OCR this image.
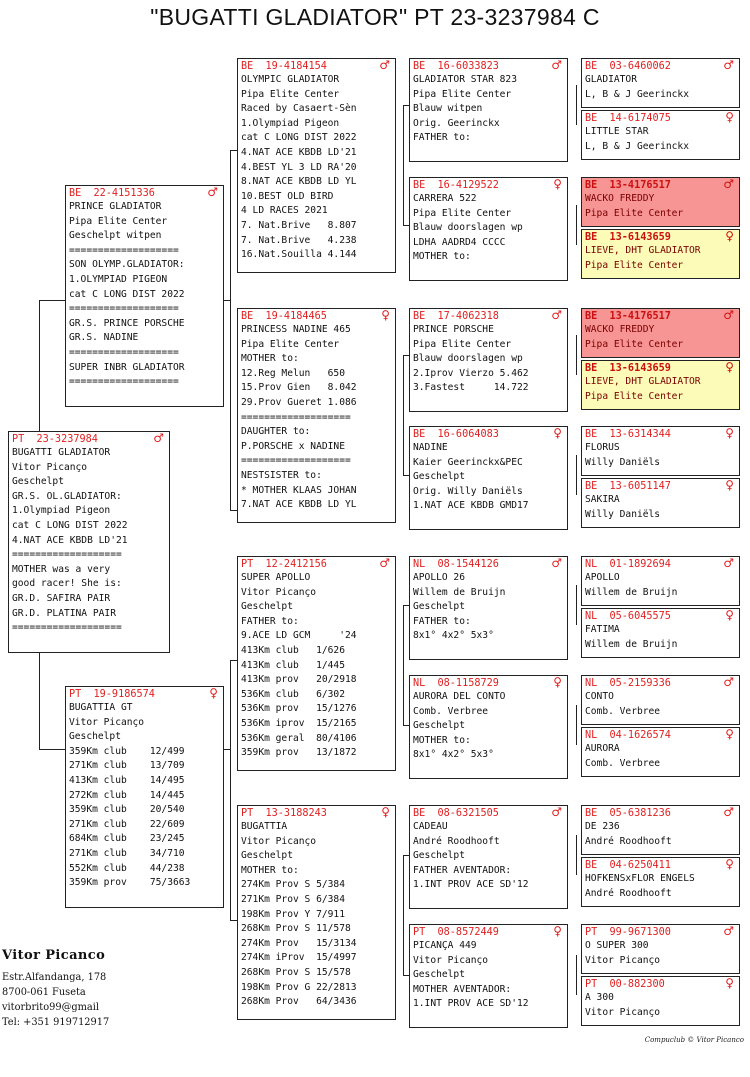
"BUGATTI GLADIATOR" PT 23-3237984 C
PT  23-3237984	♂
BUGATTI GLADIATOR
Vitor Picanço
Geschelpt
GR.S. OL.GLADIATOR:
1.Olympiad Pigeon
cat C LONG DIST 2022
4.NAT ACE KBDB LD'21
===================
MOTHER was a very
good racer! She is:
GR.D. SAFIRA PAIR
GR.D. PLATINA PAIR
===================
BE  22-4151336	♂
PRINCE GLADIATOR
Pipa Elite Center
Geschelpt witpen
===================
SON OLYMP.GLADIATOR:
1.OLYMPIAD PIGEON
cat C LONG DIST 2022
===================
GR.S. PRINCE PORSCHE
GR.S. NADINE
===================
SUPER INBR GLADIATOR
===================
PT  19-9186574	♀
BUGATTIA GT
Vitor Picanço
Geschelpt
359Km club    12/499
271Km club    13/709
413Km club    14/495
272Km club    14/445
359Km club    20/540
271Km club    22/609
684Km club    23/245
271Km club    34/710
552Km club    44/238
359Km prov    75/3663
BE  19-4184154	♂
OLYMPIC GLADIATOR
Pipa Elite Center
Raced by Casaert-Sèn
1.Olympiad Pigeon
cat C LONG DIST 2022
4.NAT ACE KBDB LD'21
4.BEST YL 3 LD RA'20
8.NAT ACE KBDB LD YL
10.BEST OLD BIRD
4 LD RACES 2021
7. Nat.Brive   8.807
7. Nat.Brive   4.238
16.Nat.Souilla 4.144
BE  19-4184465	♀
PRINCESS NADINE 465
Pipa Elite Center
MOTHER to:
12.Reg Melun   650
15.Prov Gien   8.042
29.Prov Gueret 1.086
===================
DAUGHTER to:
P.PORSCHE x NADINE
===================
NESTSISTER to:
* MOTHER KLAAS JOHAN
7.NAT ACE KBDB LD YL
PT  12-2412156	♂
SUPER APOLLO
Vitor Picanço
Geschelpt
FATHER to:
9.ACE LD GCM     '24
413Km club   1/626
413Km club   1/445
413Km prov   20/2918
536Km club   6/302
536Km prov   15/1276
536Km iprov  15/2165
536Km geral  80/4106
359Km prov   13/1872
PT  13-3188243	♀
BUGATTIA
Vitor Picanço
Geschelpt
MOTHER to:
274Km Prov S 5/384
271Km Prov S 6/384
198Km Prov Y 7/911
268Km Prov S 11/578
274Km Prov   15/3134
274Km iProv  15/4997
268Km Prov S 15/578
198Km Prov G 22/2813
268Km Prov   64/3436
BE  16-6033823	♂
GLADIATOR STAR 823
Pipa Elite Center
Blauw witpen
Orig. Geerinckx
FATHER to:
BE  16-4129522	♀
CARRERA 522
Pipa Elite Center
Blauw doorslagen wp
LDHA AADRD4 CCCC
MOTHER to:
BE  17-4062318	♂
PRINCE PORSCHE
Pipa Elite Center
Blauw doorslagen wp
2.Iprov Vierzo 5.462
3.Fastest     14.722
BE  16-6064083	♀
NADINE
Kaier Geerinckx&PEC
Geschelpt
Orig. Willy Daniëls
1.NAT ACE KBDB GMD17
NL  08-1544126	♂
APOLLO 26
Willem de Bruijn
Geschelpt
FATHER to:
8x1° 4x2° 5x3°
NL  08-1158729	♀
AURORA DEL CONTO
Comb. Verbree
Geschelpt
MOTHER to:
8x1° 4x2° 5x3°
BE  08-6321505	♂
CADEAU
André Roodhooft
Geschelpt
FATHER AVENTADOR:
1.INT PROV ACE SD'12
PT  08-8572449	♀
PICANÇA 449
Vitor Picanço
Geschelpt
MOTHER AVENTADOR:
1.INT PROV ACE SD'12
BE  03-6460062	♂
GLADIATOR
L, B & J Geerinckx
BE  14-6174075	♀
LITTLE STAR
L, B & J Geerinckx
BE  13-4176517	♂
WACKO FREDDY
Pipa Elite Center
BE  13-6143659	♀
LIEVE, DHT GLADIATOR
Pipa Elite Center
BE  13-4176517	♂
WACKO FREDDY
Pipa Elite Center
BE  13-6143659	♀
LIEVE, DHT GLADIATOR
Pipa Elite Center
BE  13-6314344	♀
FLORUS
Willy Daniëls
BE  13-6051147	♀
SAKIRA
Willy Daniëls
NL  01-1892694	♂
APOLLO
Willem de Bruijn
NL  05-6045575	♀
FATIMA
Willem de Bruijn
NL  05-2159336	♂
CONTO
Comb. Verbree
NL  04-1626574	♀
AURORA
Comb. Verbree
BE  05-6381236	♂
DE 236
André Roodhooft
BE  04-6250411	♀
HOFKENSxFLOR ENGELS
André Roodhooft
PT  99-9671300	♂
O SUPER 300
Vitor Picanço
PT  00-882300	♀
A 300
Vitor Picanço
Vitor Picanco
Estr.Alfandanga, 178
8700-061 Fuseta
vitorbrito99@gmail
Tel: +351 919712917
Compuclub © Vitor Picanco
